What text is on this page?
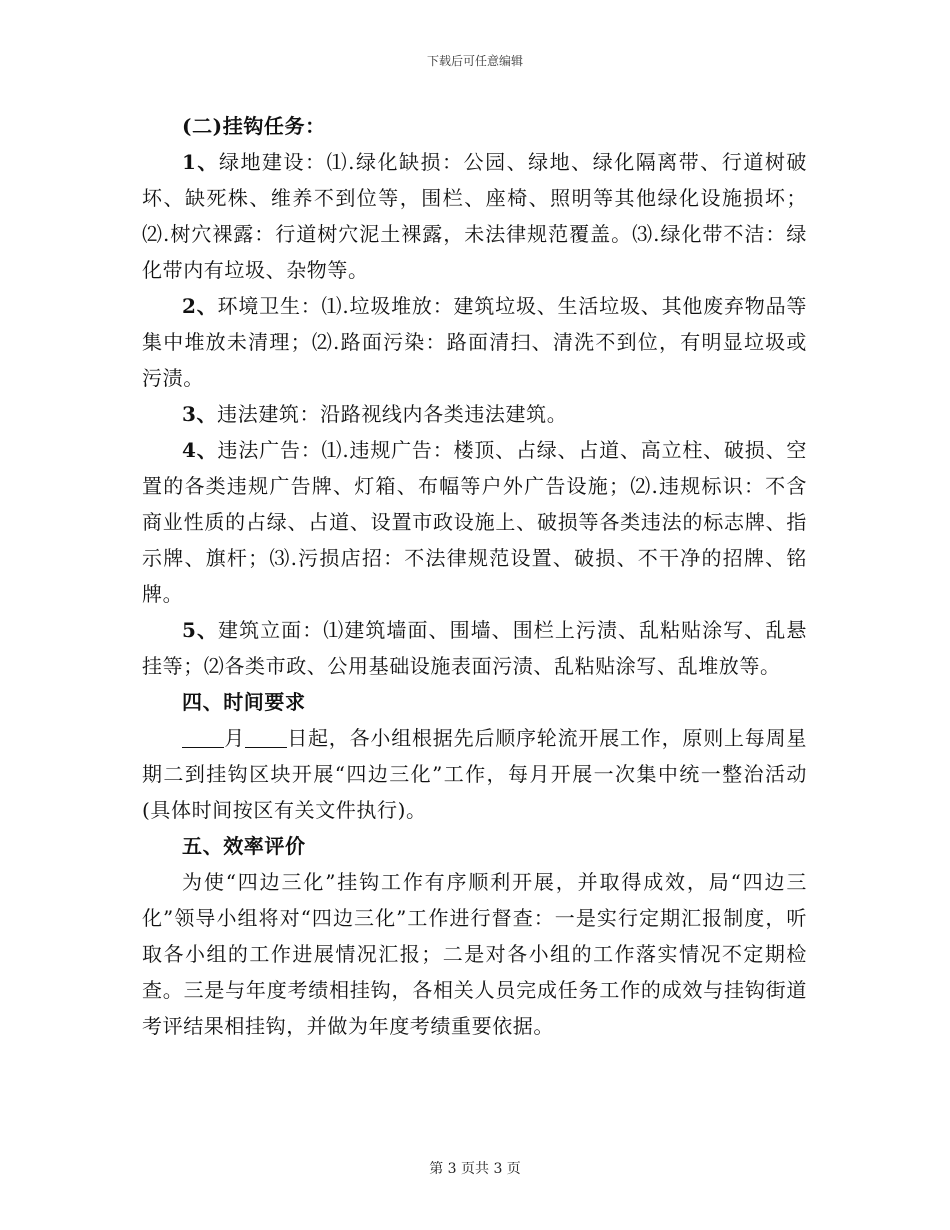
下载后可任意编辑

(二)挂钩任务：

1、绿地建设：⑴.绿化缺损：公园、绿地、绿化隔离带、行道树破坏、缺死株、维养不到位等，围栏、座椅、照明等其他绿化设施损坏；⑵.树穴裸露：行道树穴泥土裸露，未法律规范覆盖。⑶.绿化带不洁：绿化带内有垃圾、杂物等。

2、环境卫生：⑴.垃圾堆放：建筑垃圾、生活垃圾、其他废弃物品等集中堆放未清理；⑵.路面污染：路面清扫、清洗不到位，有明显垃圾或污渍。

3、违法建筑：沿路视线内各类违法建筑。

4、违法广告：⑴.违规广告：楼顶、占绿、占道、高立柱、破损、空置的各类违规广告牌、灯箱、布幅等户外广告设施；⑵.违规标识：不含商业性质的占绿、占道、设置市政设施上、破损等各类违法的标志牌、指示牌、旗杆；⑶.污损店招：不法律规范设置、破损、不干净的招牌、铭牌。

5、建筑立面：⑴建筑墙面、围墙、围栏上污渍、乱粘贴涂写、乱悬挂等；⑵各类市政、公用基础设施表面污渍、乱粘贴涂写、乱堆放等。

四、时间要求

月 日起，各小组根据先后顺序轮流开展工作，原则上每周星期二到挂钩区块开展“四边三化”工作，每月开展一次集中统一整治活动(具体时间按区有关文件执行)。

五、效率评价

为使“四边三化”挂钩工作有序顺利开展，并取得成效，局“四边三化”领导小组将对“四边三化”工作进行督查：一是实行定期汇报制度，听取各小组的工作进展情况汇报；二是对各小组的工作落实情况不定期检查。三是与年度考绩相挂钩，各相关人员完成任务工作的成效与挂钩街道考评结果相挂钩，并做为年度考绩重要依据。

第 3 页共 3 页
